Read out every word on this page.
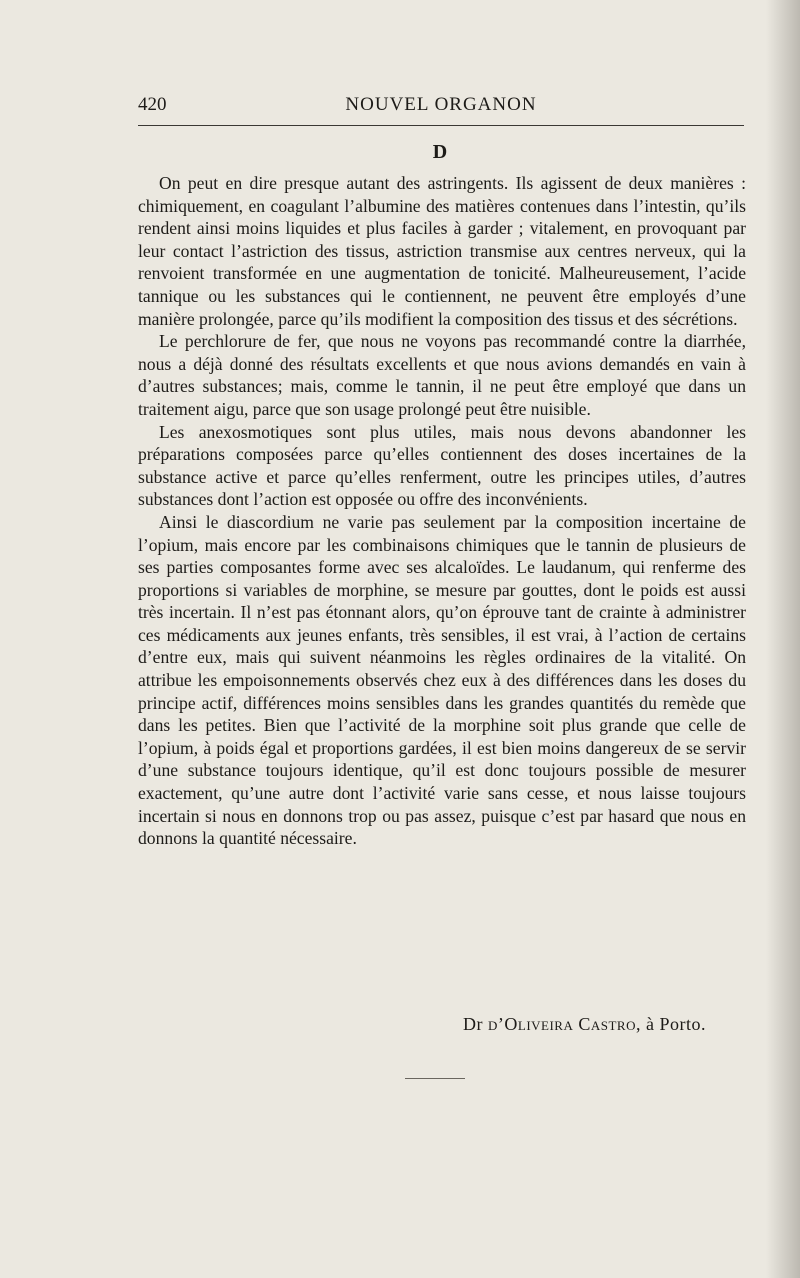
420	NOUVEL ORGANON
D

On peut en dire presque autant des astringents. Ils agissent de deux manières : chimiquement, en coagulant l’albumine des matières contenues dans l’intestin, qu’ils rendent ainsi moins liquides et plus faciles à garder ; vitalement, en provoquant par leur contact l’astriction des tissus, astriction transmise aux centres nerveux, qui la renvoient transformée en une augmentation de tonicité. Malheureusement, l’acide tannique ou les substances qui le contiennent, ne peuvent être employés d’une manière prolongée, parce qu’ils modifient la composition des tissus et des sécrétions.

Le perchlorure de fer, que nous ne voyons pas recommandé contre la diarrhée, nous a déjà donné des résultats excellents et que nous avions demandés en vain à d’autres substances; mais, comme le tannin, il ne peut être employé que dans un traitement aigu, parce que son usage prolongé peut être nuisible.

Les anexosmotiques sont plus utiles, mais nous devons abandonner les préparations composées parce qu’elles contiennent des doses incertaines de la substance active et parce qu’elles renferment, outre les principes utiles, d’autres substances dont l’action est opposée ou offre des inconvénients.

Ainsi le diascordium ne varie pas seulement par la composition incertaine de l’opium, mais encore par les combinaisons chimiques que le tannin de plusieurs de ses parties composantes forme avec ses alcaloïdes. Le laudanum, qui renferme des proportions si variables de morphine, se mesure par gouttes, dont le poids est aussi très incertain. Il n’est pas étonnant alors, qu’on éprouve tant de crainte à administrer ces médicaments aux jeunes enfants, très sensibles, il est vrai, à l’action de certains d’entre eux, mais qui suivent néanmoins les règles ordinaires de la vitalité. On attribue les empoisonnements observés chez eux à des différences dans les doses du principe actif, différences moins sensibles dans les grandes quantités du remède que dans les petites. Bien que l’activité de la morphine soit plus grande que celle de l’opium, à poids égal et proportions gardées, il est bien moins dangereux de se servir d’une substance toujours identique, qu’il est donc toujours possible de mesurer exactement, qu’une autre dont l’activité varie sans cesse, et nous laisse toujours incertain si nous en donnons trop ou pas assez, puisque c’est par hasard que nous en donnons la quantité nécessaire.

Dr d’Oliveira Castro, à Porto.
